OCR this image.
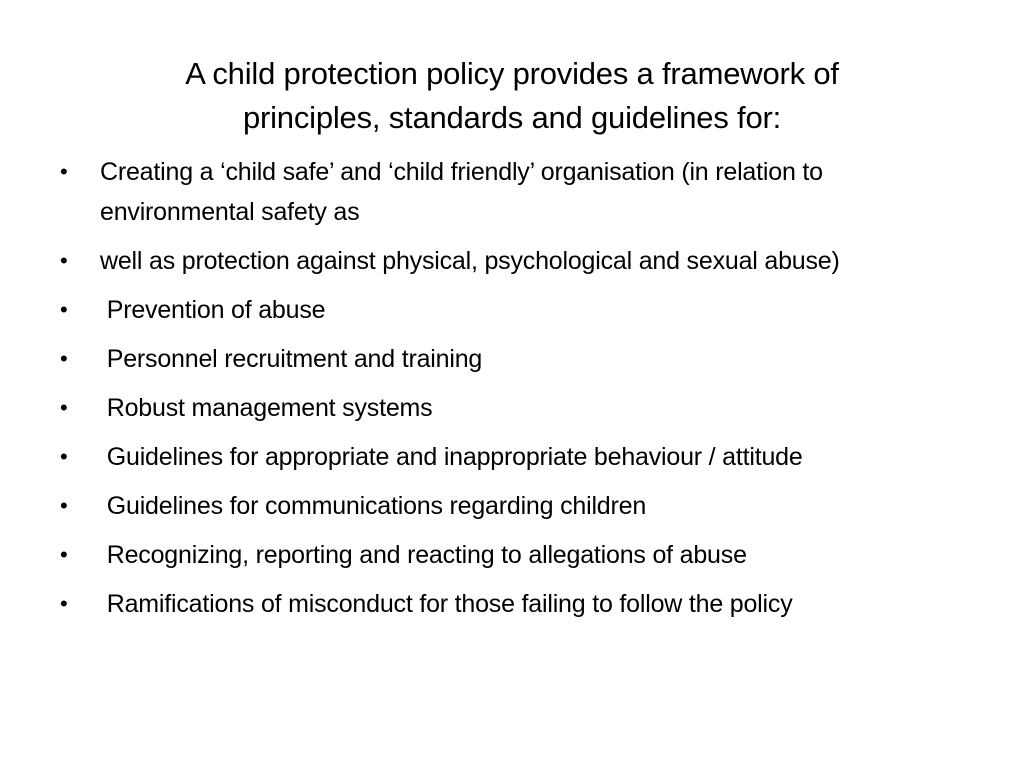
A child protection policy provides a framework of
principles, standards and guidelines for:
• Creating a ‘child safe’ and ‘child friendly’ organisation (in relation to environmental safety as
• well as protection against physical, psychological and sexual abuse)
• Prevention of abuse
• Personnel recruitment and training
• Robust management systems
• Guidelines for appropriate and inappropriate behaviour / attitude
• Guidelines for communications regarding children
• Recognizing, reporting and reacting to allegations of abuse
• Ramifications of misconduct for those failing to follow the policy
